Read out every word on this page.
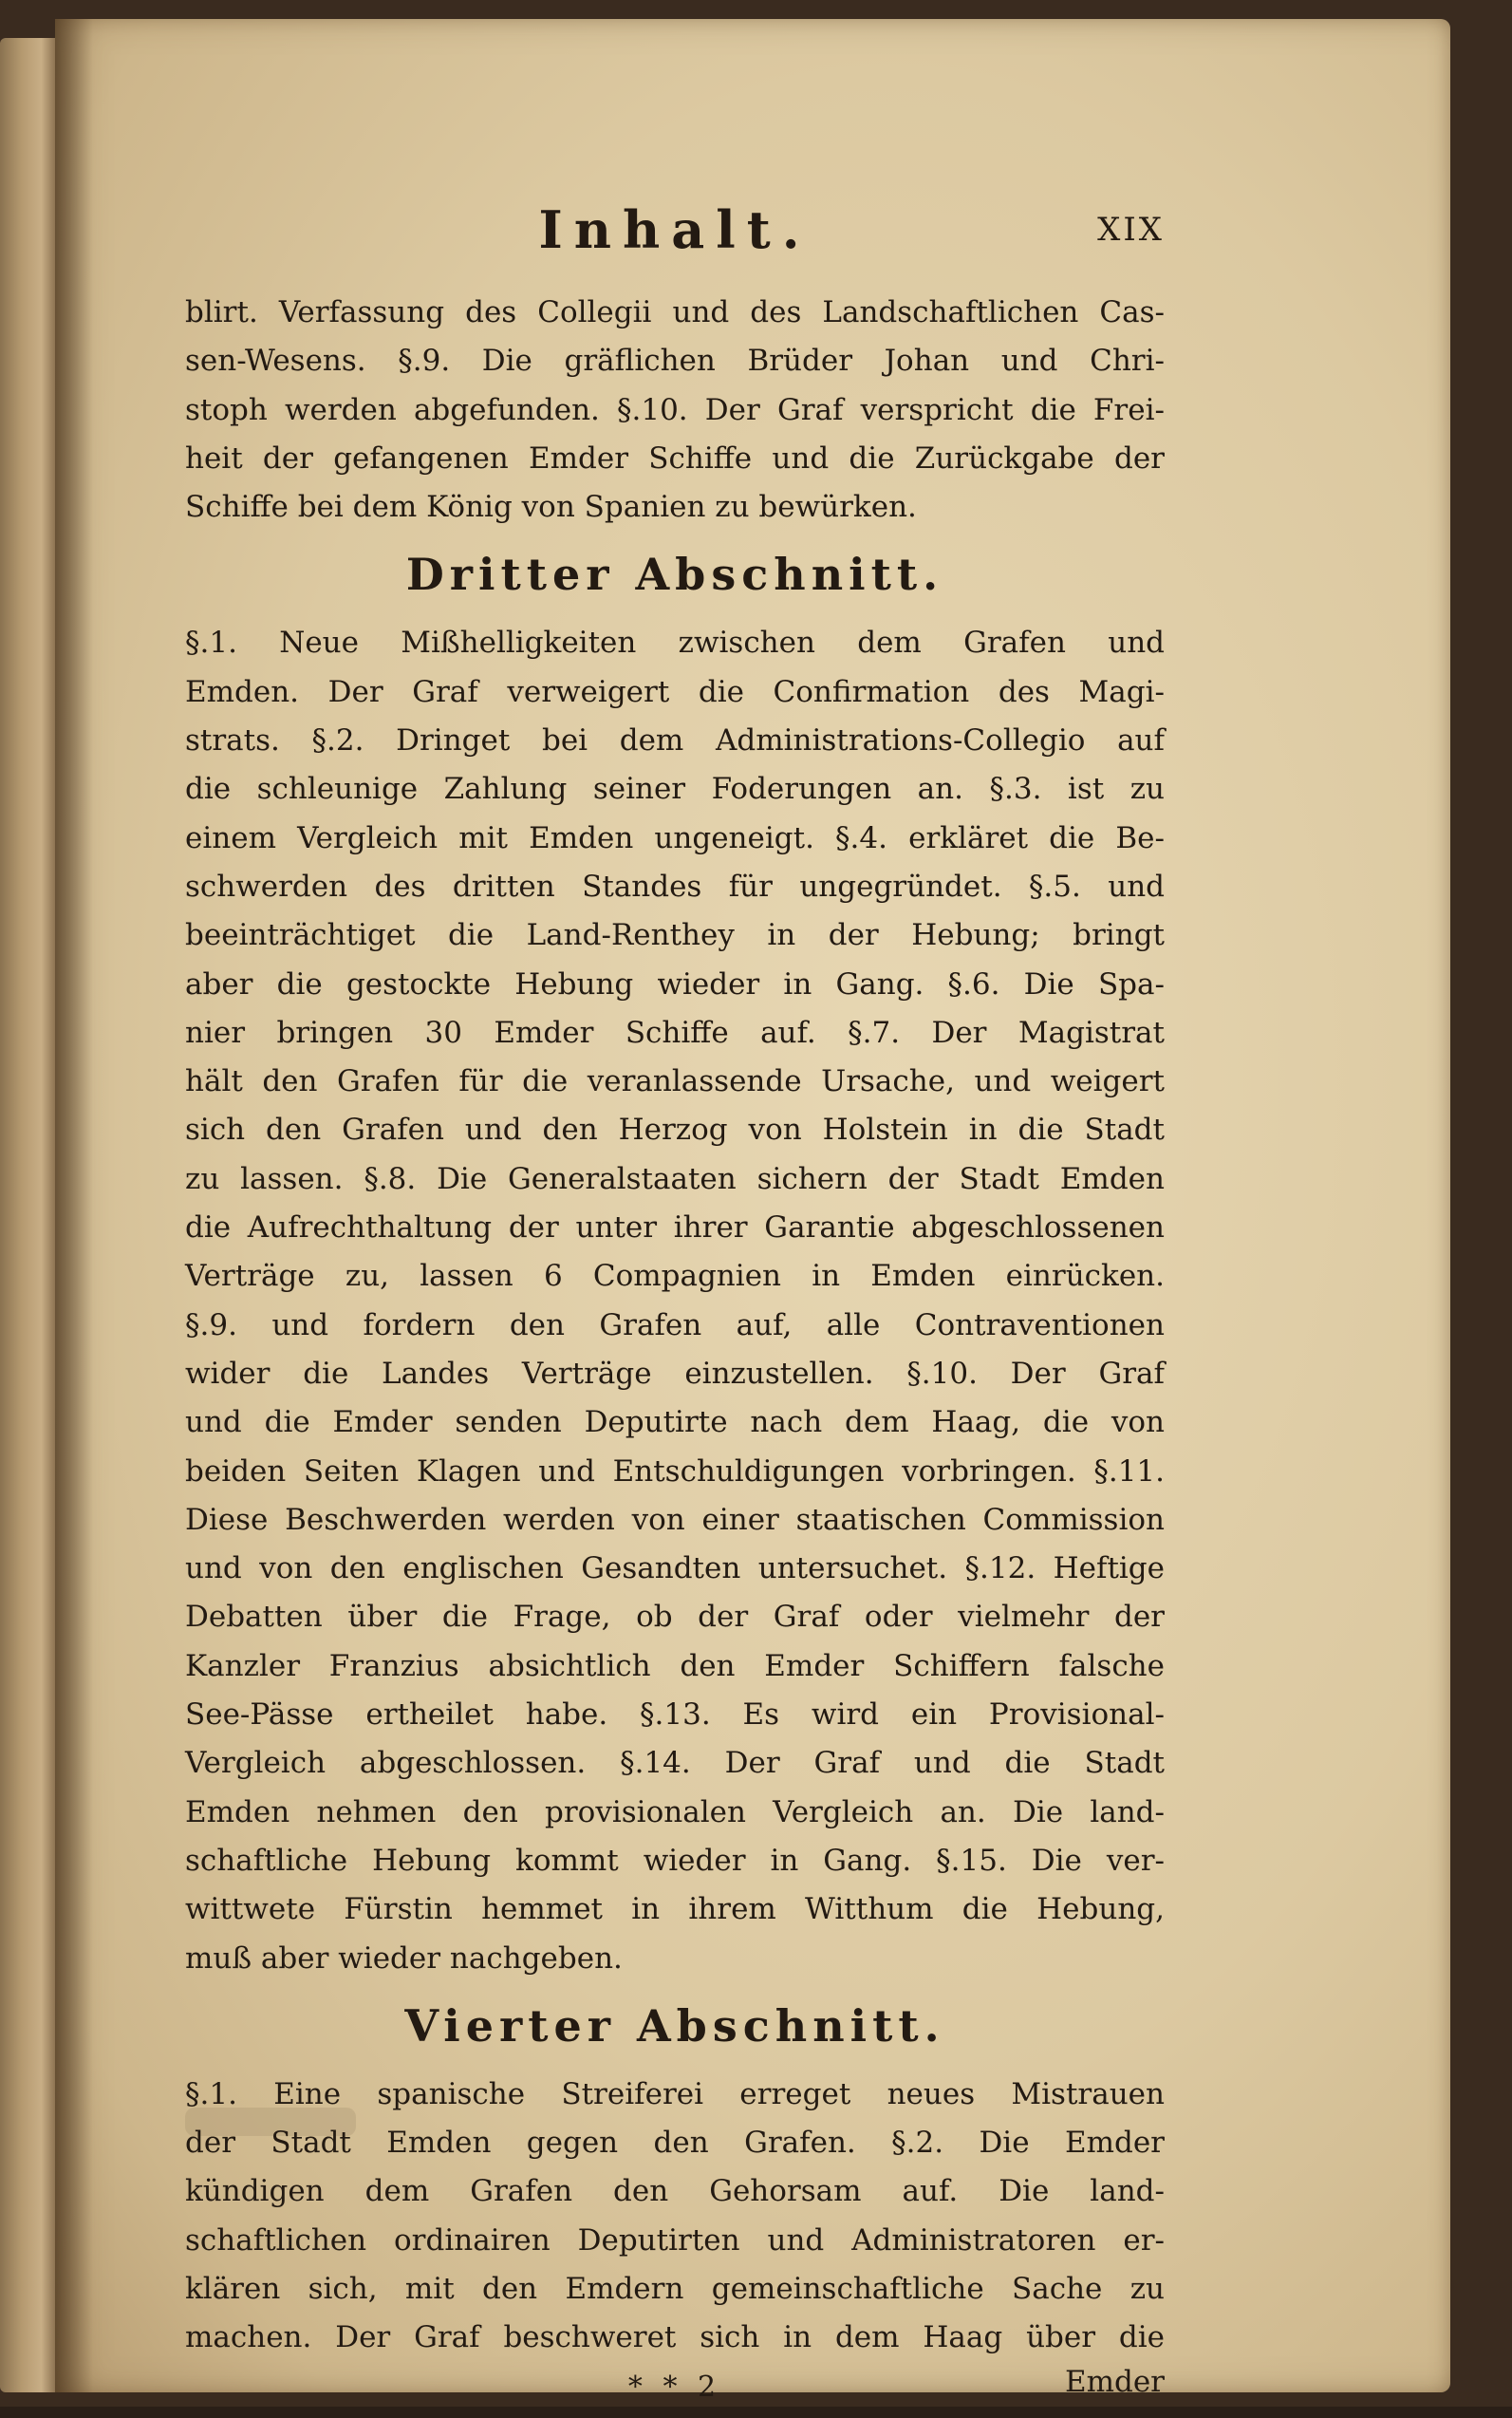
Inhalt.	XIX

blirt. Verfassung des Collegii und des Landschaftlichen Cas-

sen-Wesens. §.9. Die gräflichen Brüder Johan und Chri-

stoph werden abgefunden. §.10. Der Graf verspricht die Frei-

heit der gefangenen Emder Schiffe und die Zurückgabe der

Schiffe bei dem König von Spanien zu bewürken.

Dritter Abschnitt.

§.1. Neue Mißhelligkeiten zwischen dem Grafen und

Emden. Der Graf verweigert die Confirmation des Magi-

strats. §.2. Dringet bei dem Administrations-Collegio auf

die schleunige Zahlung seiner Foderungen an. §.3. ist zu

einem Vergleich mit Emden ungeneigt. §.4. erkläret die Be-

schwerden des dritten Standes für ungegründet. §.5. und

beeinträchtiget die Land-Renthey in der Hebung; bringt

aber die gestockte Hebung wieder in Gang. §.6. Die Spa-

nier bringen 30 Emder Schiffe auf. §.7. Der Magistrat

hält den Grafen für die veranlassende Ursache, und weigert

sich den Grafen und den Herzog von Holstein in die Stadt

zu lassen. §.8. Die Generalstaaten sichern der Stadt Emden

die Aufrechthaltung der unter ihrer Garantie abgeschlossenen

Verträge zu, lassen 6 Compagnien in Emden einrücken.

§.9. und fordern den Grafen auf, alle Contraventionen

wider die Landes Verträge einzustellen. §.10. Der Graf

und die Emder senden Deputirte nach dem Haag, die von

beiden Seiten Klagen und Entschuldigungen vorbringen. §.11.

Diese Beschwerden werden von einer staatischen Commission

und von den englischen Gesandten untersuchet. §.12. Heftige

Debatten über die Frage, ob der Graf oder vielmehr der

Kanzler Franzius absichtlich den Emder Schiffern falsche

See-Pässe ertheilet habe. §.13. Es wird ein Provisional-

Vergleich abgeschlossen. §.14. Der Graf und die Stadt

Emden nehmen den provisionalen Vergleich an. Die land-

schaftliche Hebung kommt wieder in Gang. §.15. Die ver-

wittwete Fürstin hemmet in ihrem Witthum die Hebung,

muß aber wieder nachgeben.

Vierter Abschnitt.

§.1. Eine spanische Streiferei erreget neues Mistrauen

der Stadt Emden gegen den Grafen. §.2. Die Emder

kündigen dem Grafen den Gehorsam auf. Die land-

schaftlichen ordinairen Deputirten und Administratoren er-

klären sich, mit den Emdern gemeinschaftliche Sache zu

machen. Der Graf beschweret sich in dem Haag über die

* * 2	Emder
